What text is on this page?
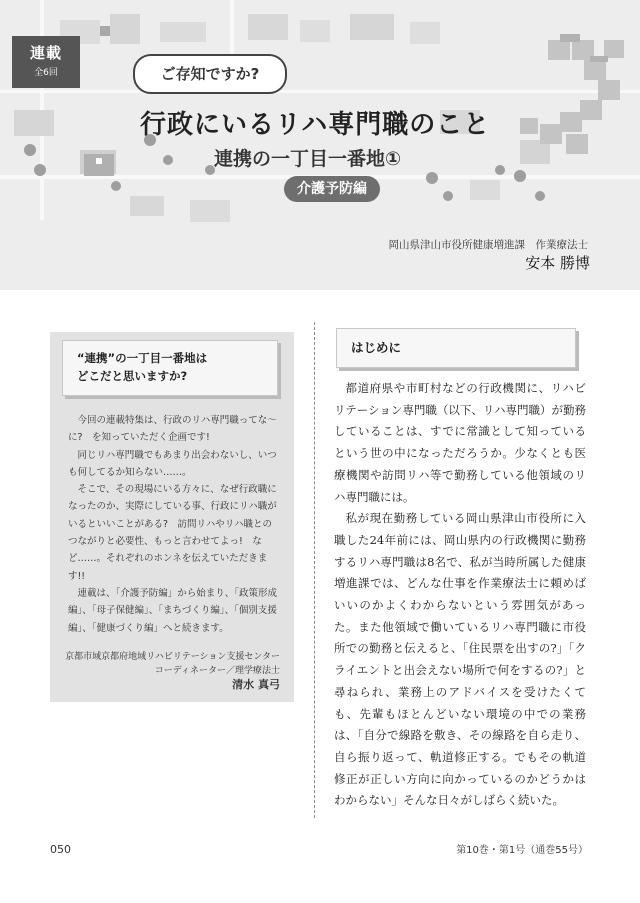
連載
全6回	ご存知ですか?
行政にいるリハ専門職のこと
連携の一丁目一番地①
介護予防編
岡山県津山市役所健康増進課　作業療法士
安本 勝博
“連携”の一丁目一番地は
どこだと思いますか?

今回の連載特集は、行政のリハ専門職ってな〜に?　を知っていただく企画です!

同じリハ専門職でもあまり出会わないし、いつも何してるか知らない……。

そこで、その現場にいる方々に、なぜ行政職になったのか、実際にしている事、行政にリハ職がいるといいことがある?　訪問リハやリハ職とのつながりと必要性、もっと言わせてよっ!　など……。それぞれのホンネを伝えていただきます!!

連載は、「介護予防編」から始まり、「政策形成編」、「母子保健編」、「まちづくり編」、「個別支援編」、「健康づくり編」へと続きます。

京都市域京都府地域リハビリテーション支援センター
コーディネーター／理学療法士
清水 真弓
はじめに

都道府県や市町村などの行政機関に、リハビリテーション専門職（以下、リハ専門職）が勤務していることは、すでに常識として知っているという世の中になっただろうか。少なくとも医療機関や訪問リハ等で勤務している他領域のリハ専門職には。

私が現在勤務している岡山県津山市役所に入職した24年前には、岡山県内の行政機関に勤務するリハ専門職は8名で、私が当時所属した健康増進課では、どんな仕事を作業療法士に頼めばいいのかよくわからないという雰囲気があった。また他領域で働いているリハ専門職に市役所での勤務と伝えると、「住民票を出すの?」「クライエントと出会えない場所で何をするの?」と尋ねられ、業務上のアドバイスを受けたくても、先輩もほとんどいない環境の中での業務は、「自分で線路を敷き、その線路を自ら走り、自ら振り返って、軌道修正する。でもその軌道修正が正しい方向に向かっているのかどうかはわからない」そんな日々がしばらく続いた。

050	第10巻・第1号（通巻55号）
